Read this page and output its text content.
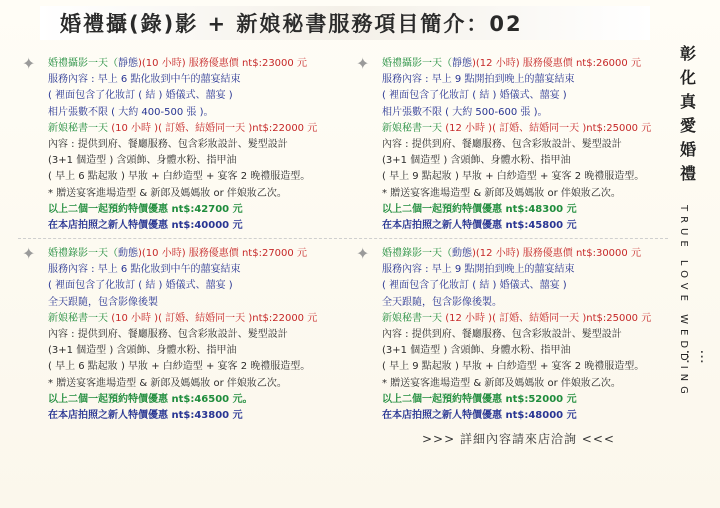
婚禮攝(錄)影 + 新娘秘書服務項目簡介：02
彰化真愛婚禮
TRUE LOVE WEDDING
⋮⋮
✦ 婚禮攝影一天（靜態)(10 小時) 服務優惠價 nt$:23000 元
服務內容 : 早上 6 點化妝到中午的囍宴結束
( 裡面包含了化妝訂 ( 結 ) 婚儀式、囍宴 )
相片張數不限 ( 大約 400-500 張 )。
新娘秘書一天 (10 小時 )( 訂婚、結婚同一天 )nt$:22000 元
內容 : 提供到府、餐廳服務、包含彩妝設計、髮型設計
(3+1 個造型 ) 含頭飾、身體水粉、指甲油
( 早上 6 點起妝 ) 早妝 + 白紗造型 + 宴客 2 晚禮服造型。
* 贈送宴客進場造型 & 新郎及媽媽妝 or 伴娘妝乙次。
以上二個一起預約特價優惠 nt$:42700 元
在本店拍照之新人特價優惠 nt$:40000 元
✦ 婚禮攝影一天（靜態)(12 小時) 服務優惠價 nt$:26000 元
服務內容 : 早上 9 點開拍到晚上的囍宴結束
( 裡面包含了化妝訂 ( 結 ) 婚儀式、囍宴 )
相片張數不限 ( 大約 500-600 張 )。
新娘秘書一天 (12 小時 )( 訂婚、結婚同一天 )nt$:25000 元
內容 : 提供到府、餐廳服務、包含彩妝設計、髮型設計
(3+1 個造型 ) 含頭飾、身體水粉、指甲油
( 早上 9 點起妝 ) 早妝 + 白紗造型 + 宴客 2 晚禮服造型。
* 贈送宴客進場造型 & 新郎及媽媽妝 or 伴娘妝乙次。
以上二個一起預約特價優惠 nt$:48300 元
在本店拍照之新人特價優惠 nt$:45800 元
✦ 婚禮錄影一天（動態)(10 小時) 服務優惠價 nt$:27000 元
服務內容 : 早上 6 點化妝到中午的囍宴結束
( 裡面包含了化妝訂 ( 結 ) 婚儀式、囍宴 )
全天跟隨，包含影像後製
新娘秘書一天 (10 小時 )( 訂婚、結婚同一天 )nt$:22000 元
內容 : 提供到府、餐廳服務、包含彩妝設計、髮型設計
(3+1 個造型 ) 含頭飾、身體水粉、指甲油
( 早上 6 點起妝 ) 早妝 + 白紗造型 + 宴客 2 晚禮服造型。
* 贈送宴客進場造型 & 新郎及媽媽妝 or 伴娘妝乙次。
以上二個一起預約特價優惠 nt$:46500 元。
在本店拍照之新人特價優惠 nt$:43800 元
✦ 婚禮錄影一天（動態)(12 小時) 服務優惠價 nt$:30000 元
服務內容 : 早上 9 點開拍到晚上的囍宴結束
( 裡面包含了化妝訂 ( 結 ) 婚儀式、囍宴 )
全天跟隨，包含影像後製。
新娘秘書一天 (12 小時 )( 訂婚、結婚同一天 )nt$:25000 元
內容 : 提供到府、餐廳服務、包含彩妝設計、髮型設計
(3+1 個造型 ) 含頭飾、身體水粉、指甲油
( 早上 9 點起妝 ) 早妝 + 白紗造型 + 宴客 2 晚禮服造型。
* 贈送宴客進場造型 & 新郎及媽媽妝 or 伴娘妝乙次。
以上二個一起預約特價優惠 nt$:52000 元
在本店拍照之新人特價優惠 nt$:48000 元
>>> 詳細內容請來店洽詢 <<<
